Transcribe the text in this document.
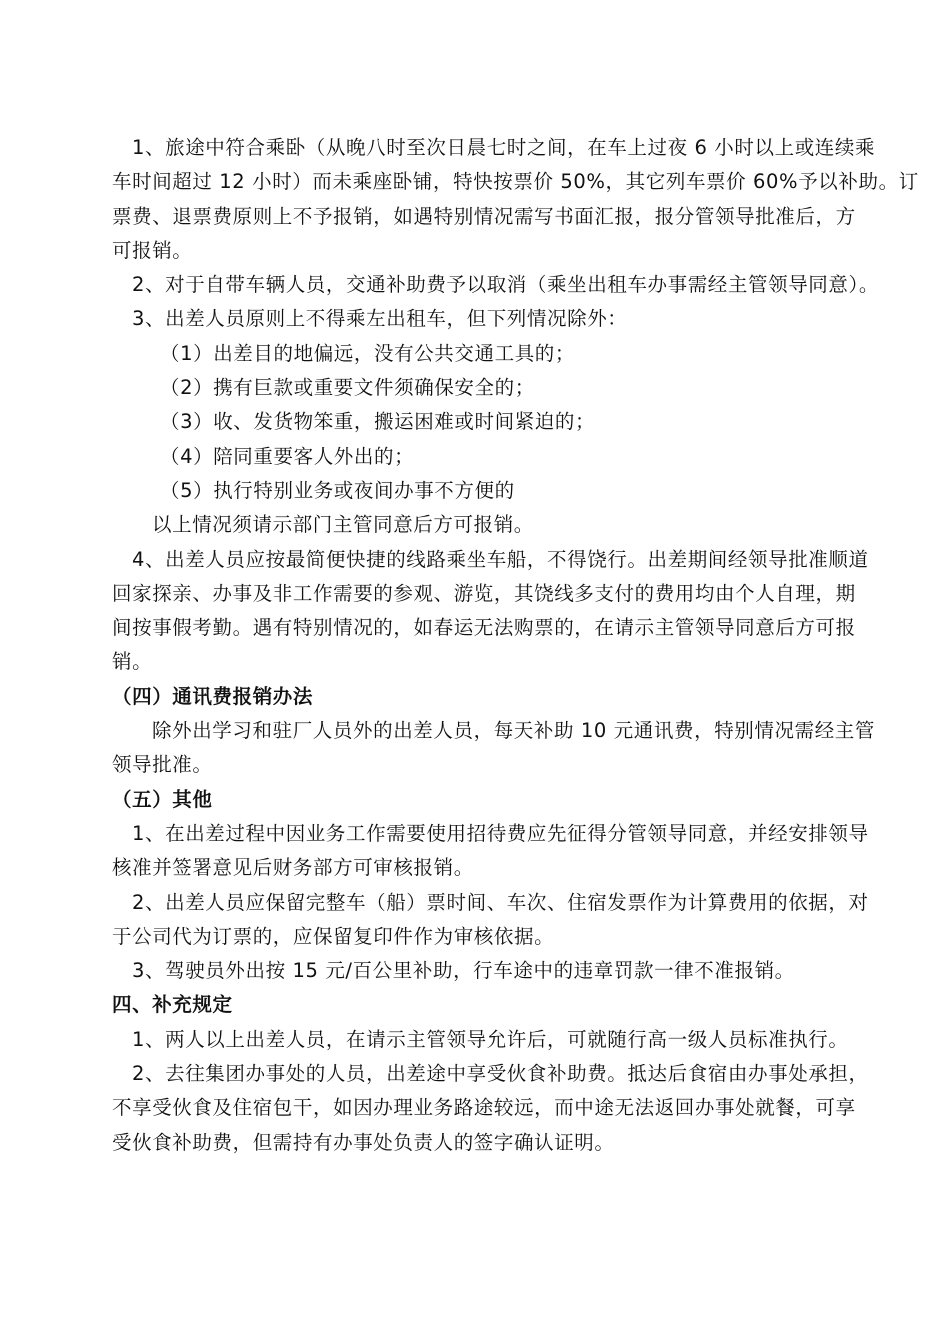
1、旅途中符合乘卧（从晚八时至次日晨七时之间，在车上过夜 6 小时以上或连续乘
车时间超过 12 小时）而未乘座卧铺，特快按票价 50%，其它列车票价 60%予以补助。订
票费、退票费原则上不予报销，如遇特别情况需写书面汇报，报分管领导批准后，方
可报销。
2、对于自带车辆人员，交通补助费予以取消（乘坐出租车办事需经主管领导同意）。
3、出差人员原则上不得乘左出租车，但下列情况除外：
（1）出差目的地偏远，没有公共交通工具的；
（2）携有巨款或重要文件须确保安全的；
（3）收、发货物笨重，搬运困难或时间紧迫的；
（4）陪同重要客人外出的；
（5）执行特别业务或夜间办事不方便的
以上情况须请示部门主管同意后方可报销。
4、出差人员应按最简便快捷的线路乘坐车船，不得饶行。出差期间经领导批准顺道
回家探亲、办事及非工作需要的参观、游览，其饶线多支付的费用均由个人自理，期
间按事假考勤。遇有特别情况的，如春运无法购票的，在请示主管领导同意后方可报
销。
（四）通讯费报销办法
除外出学习和驻厂人员外的出差人员，每天补助 10 元通讯费，特别情况需经主管
领导批准。
（五）其他
1、在出差过程中因业务工作需要使用招待费应先征得分管领导同意，并经安排领导
核准并签署意见后财务部方可审核报销。
2、出差人员应保留完整车（船）票时间、车次、住宿发票作为计算费用的依据，对
于公司代为订票的，应保留复印件作为审核依据。
3、驾驶员外出按 15 元/百公里补助，行车途中的违章罚款一律不准报销。
四、补充规定
1、两人以上出差人员，在请示主管领导允许后，可就随行高一级人员标准执行。
2、去往集团办事处的人员，出差途中享受伙食补助费。抵达后食宿由办事处承担，
不享受伙食及住宿包干，如因办理业务路途较远，而中途无法返回办事处就餐，可享
受伙食补助费，但需持有办事处负责人的签字确认证明。
